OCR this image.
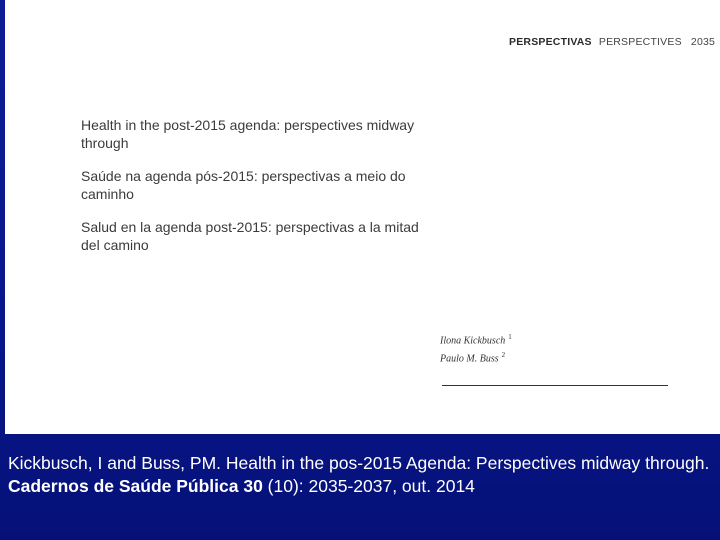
PERSPECTIVAS PERSPECTIVES 2035
Health in the post-2015 agenda: perspectives midway through
Saúde na agenda pós-2015: perspectivas a meio do caminho
Salud en la agenda post-2015: perspectivas a la mitad del camino
Ilona Kickbusch $^1$
Paulo M. Buss $^2$
Kickbusch, I and Buss, PM. Health in the pos-2015 Agenda: Perspectives midway through. Cadernos de Saúde Pública 30 (10): 2035-2037, out. 2014
